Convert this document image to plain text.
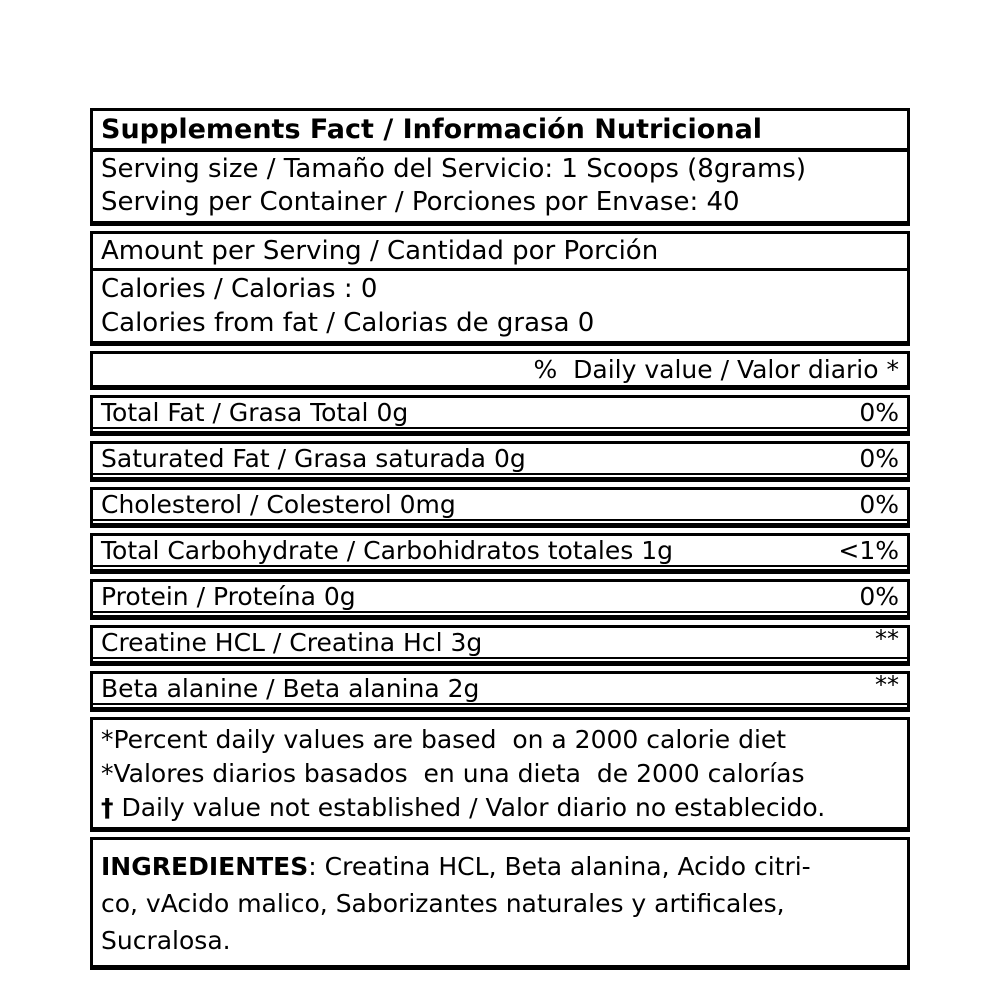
Supplements Fact / Información Nutricional
Serving size / Tamaño del Servicio: 1 Scoops (8grams)
Serving per Container / Porciones por Envase: 40
Amount per Serving / Cantidad por Porción
Calories / Calorias : 0
Calories from fat / Calorias de grasa 0
%  Daily value / Valor diario *
Total Fat / Grasa Total 0g	0%
Saturated Fat / Grasa saturada 0g	0%
Cholesterol / Colesterol 0mg	0%
Total Carbohydrate / Carbohidratos totales 1g	<1%
Protein / Proteína 0g	0%
Creatine HCL / Creatina Hcl 3g	**
Beta alanine / Beta alanina 2g	**
*Percent daily values are based  on a 2000 calorie diet
*Valores diarios basados  en una dieta  de 2000 calorías
† Daily value not established / Valor diario no establecido.
INGREDIENTES: Creatina HCL, Beta alanina, Acido citri-
co, vAcido malico, Saborizantes naturales y artificales,
Sucralosa.
